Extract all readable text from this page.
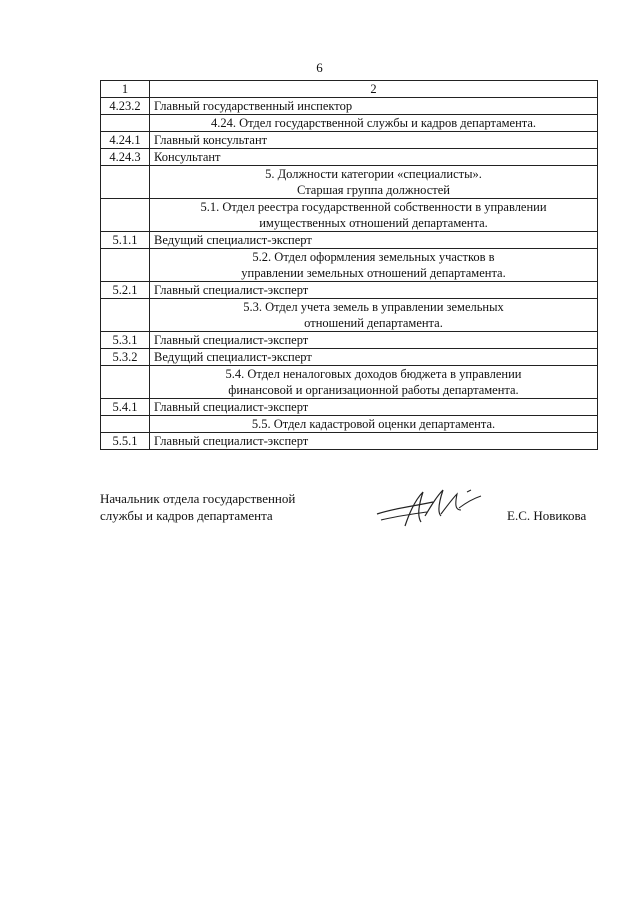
6
1	2
4.23.2	Главный государственный инспектор

	4.24. Отдел государственной службы и кадров департамента.

4.24.1	Главный консультант
4.24.3	Консультант

	5. Должности категории «специалисты».
Старшая группа должностей

	5.1. Отдел реестра государственной собственности в управлении
имущественных отношений департамента.

5.1.1	Ведущий специалист-эксперт

	5.2. Отдел оформления земельных участков в
управлении земельных отношений департамента.

5.2.1	Главный специалист-эксперт

	5.3. Отдел учета земель в управлении земельных
отношений департамента.

5.3.1	Главный специалист-эксперт
5.3.2	Ведущий специалист-эксперт

	5.4. Отдел неналоговых доходов бюджета в управлении
финансовой и организационной работы департамента.

5.4.1	Главный специалист-эксперт

	5.5. Отдел кадастровой оценки департамента.

5.5.1	Главный специалист-эксперт
Начальник отдела государственной
службы и кадров департамента	Е.С. Новикова
